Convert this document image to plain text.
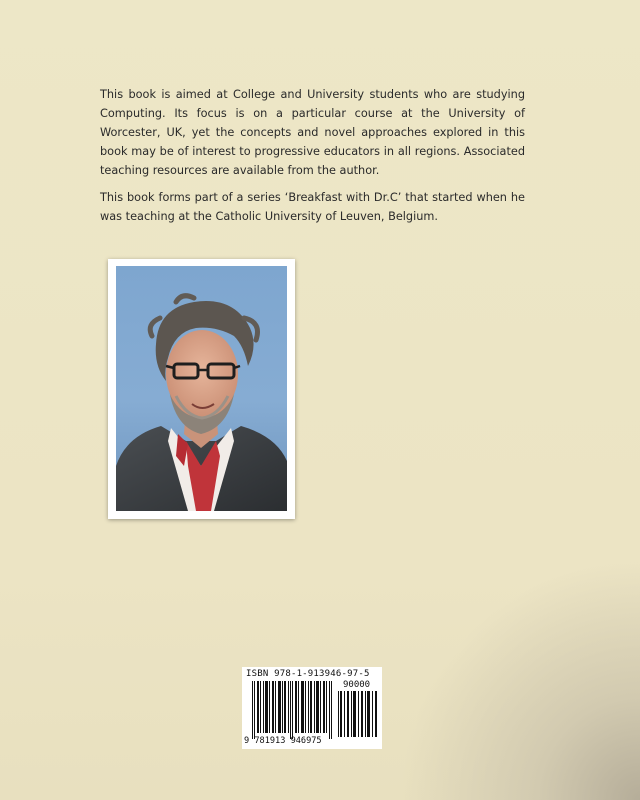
This book is aimed at College and University students who are studying Computing. Its focus is on a particular course at the University of Worcester, UK, yet the concepts and novel approaches explored in this book may be of interest to progressive educators in all regions. Associated teaching resources are available from the author.

This book forms part of a series ‘Breakfast with Dr.C’ that started when he was teaching at the Catholic University of Leuven, Belgium.

ISBN 978-1-913946-97-5
90000
9 781913 946975
